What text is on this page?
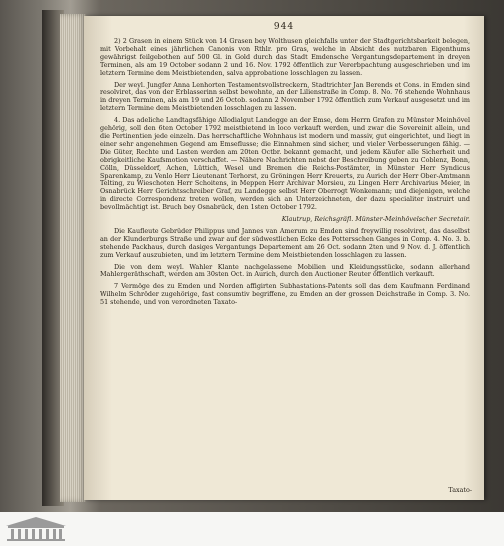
944

2) 2 Grasen in einem Stück von 14 Grasen bey Wolthusen gleichfalls unter der Stadtgerichtsbarkeit belegen, mit Vorbehalt eines jährlichen Canonis von Rthlr. pro Gras, welche in Absicht des nutzbaren Eigenthums gewährigst feilgebothen auf 500 Gl. in Gold durch das Stadt Emdensche Vergantungsdepartement in dreyen Terminen, als am 19 October sodann 2 und 16. Nov. 1792 öffentlich zur Vererbpachtung ausgeschrieben und im letztern Termine dem Meistbietenden, salva approbatione losschlagen zu lassen.

Der weyl. Jungfer Anna Lenhorten Testamentsvollstreckern, Stadtrichter Jan Berends et Cons. in Emden sind resolviret, das von der Erblasserinn selbst bewohnte, an der Lilienstraße in Comp. 8. No. 76 stehende Wohnhaus in dreyen Terminen, als am 19 und 26 Octob. sodann 2 November 1792 öffentlich zum Verkauf ausgesetzt und im letztern Termine dem Meistbietenden losschlagen zu lassen.

4. Das adeliche Landtagsfähige Allodialgut Landegge an der Emse, dem Herrn Grafen zu Münster Meinhövel gehörig, soll den 6ten October 1792 meistbietend in loco verkauft werden, und zwar die Sovereinit allein, und die Pertinentien jede einzeln. Das herrschaftliche Wohnhaus ist modern und massiv, gut eingerichtet, und liegt in einer sehr angenehmen Gegend am Emseflusse; die Einnahmen sind sicher, und vieler Verbesserungen fähig. — Die Güter, Rechte und Lasten werden am 20ten Octbr. bekannt gemacht, und jedem Käufer alle Sicherheit und obrigkeitliche Kaufsmotion verschaffet. — Nähere Nachrichten nebst der Beschreibung geben zu Coblenz, Bonn, Cölln, Düsseldorf, Achen, Lüttich, Wesel und Bremen die Reichs-Postämter, in Münster Herr Syndicus Sparenkamp, zu Venlo Herr Lieutenant Terhorst, zu Gröningen Herr Kreuerts, zu Aurich der Herr Ober-Amtmann Telting, zu Wieschoten Herr Schoitens, in Meppen Herr Archivar Morsieu, zu Lingen Herr Archivarius Meier, in Osnabrück Herr Gerichtsschreiber Graf, zu Landegge selbst Herr Oberrogt Wonkemann; und diejenigen, welche in directe Correspondenz treten wollen, werden sich an Unterzeichneten, der dazu specialiter instruirt und bevollmächtigt ist. Bruch bey Osnabrück, den 1sten October 1792.

Klautrup, Reichsgräfl. Münster-Meinhövelscher Secretair.

Die Kaufleute Gebrüder Philippus und Jannes van Amerum zu Emden sind freywillig resolviret, das daselbst an der Klunderburgs Straße und zwar auf der südwestlichen Ecke des Pottersschen Ganges in Comp. 4. No. 3. b. stehende Packhaus, durch dasiges Vergantungs Departement am 26 Oct. sodann 2ten und 9 Nov. d. J. öffentlich zum Verkauf auszubieten, und im letztern Termine dem Meistbietenden losschlagen zu lassen.

Die von dem weyl. Wahler Klante nachgelassene Mobilien und Kleidungsstücke, sodann allerhand Mahlergeräthschaft, werden am 30sten Oct. in Aurich, durch den Auctioner Reuter öffentlich verkauft.

7 Vermöge des zu Emden und Norden affigirten Subhastations-Patents soll das dem Kaufmann Ferdinand Wilhelm Schröder zugehörige, fast consumtiv begriffene, zu Emden an der grossen Deichstraße in Comp. 3. No. 51 stehende, und von verordneten Taxato-

Taxato-
